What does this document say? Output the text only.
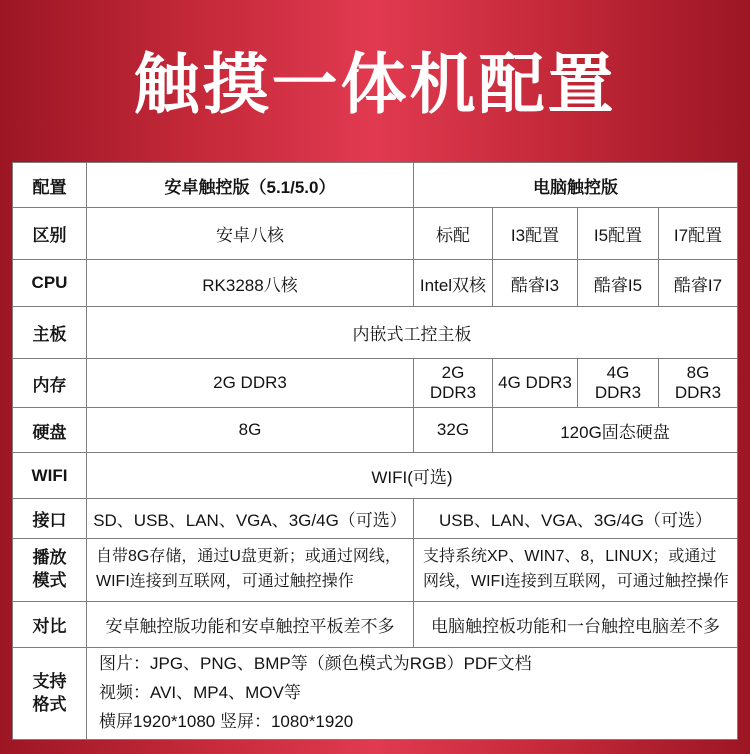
触摸一体机配置
配置	安卓触控版（5.1/5.0）	电脑触控版			
区别	安卓八核	标配	I3配置	I5配置	I7配置
CPU	RK3288八核	Intel双核	酷睿I3	酷睿I5	酷睿I7
主板	内嵌式工控主板				
内存	2G DDR3	2G DDR3	4G DDR3	4G DDR3	8G DDR3
硬盘	8G	32G	120G固态硬盘		
WIFI	WIFI(可选)				
接口	SD、USB、LAN、VGA、3G/4G（可选）	USB、LAN、VGA、3G/4G（可选）			
播放模式	自带8G存储，通过U盘更新；或通过网线，WIFI连接到互联网，可通过触控操作	支持系统XP、WIN7、8，LINUX；或通过网线，WIFI连接到互联网，可通过触控操作			
对比	安卓触控版功能和安卓触控平板差不多	电脑触控板功能和一台触控电脑差不多			
支持格式	图片：JPG、PNG、BMP等（颜色模式为RGB）PDF文档
视频：AVI、MP4、MOV等
横屏1920*1080 竖屏：1080*1920				
